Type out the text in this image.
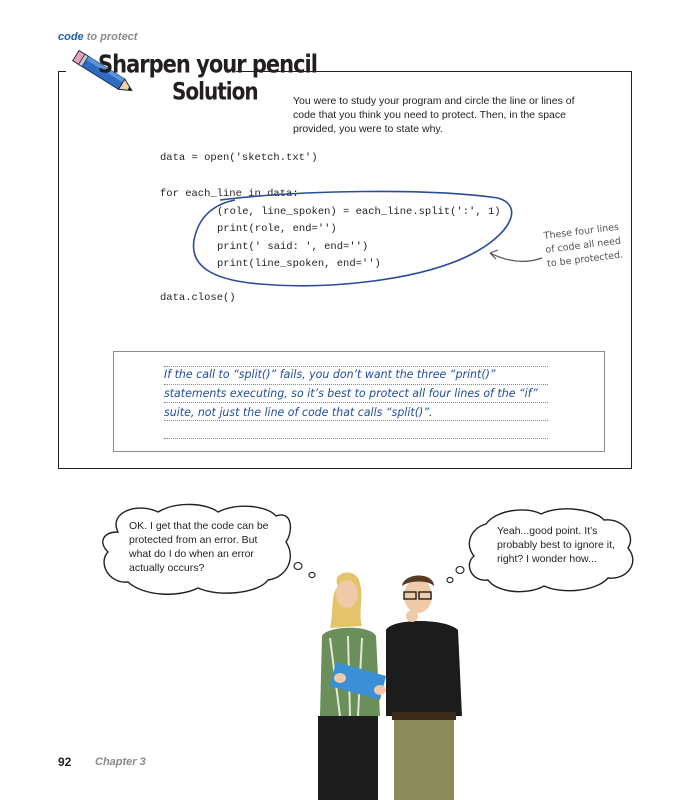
code to protect
Sharpen your pencil
Solution	You were to study your program and circle the line or lines of code that you think you need to protect. Then, in the space provided, you were to state why.
data = open('sketch.txt')
for each_line in data:
(role, line_spoken) = each_line.split(':', 1)
print(role, end='')
print(' said: ', end='')
print(line_spoken, end='')
data.close()
These four lines of code all need to be protected.
If the call to “split()” fails, you don’t want the three “print()” statements executing, so it’s best to protect all four lines of the “if” suite, not just the line of code that calls “split()”.
OK. I get that the code can be protected from an error. But what do I do when an error actually occurs?
Yeah...good point. It’s probably best to ignore it, right? I wonder how...
92 Chapter 3
